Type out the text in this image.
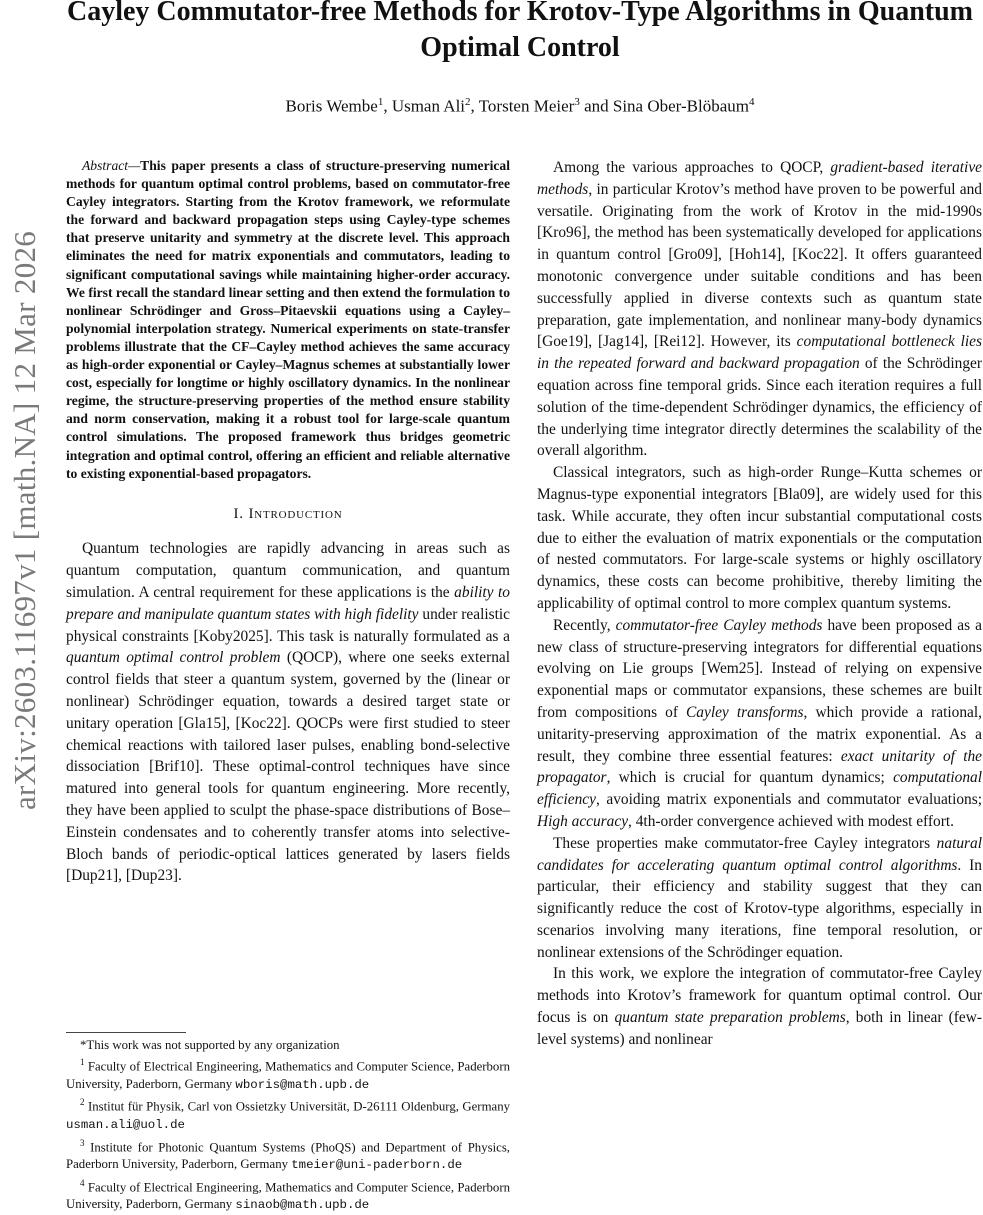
arXiv:2603.11697v1 [math.NA] 12 Mar 2026
Cayley Commutator-free Methods for Krotov-Type Algorithms in Quantum Optimal Control
Boris Wembe$^1$, Usman Ali$^2$, Torsten Meier$^3$ and Sina Ober-Blöbaum$^4$

Abstract—This paper presents a class of structure-preserving numerical methods for quantum optimal control problems, based on commutator-free Cayley integrators. Starting from the Krotov framework, we reformulate the forward and backward propagation steps using Cayley-type schemes that preserve unitarity and symmetry at the discrete level. This approach eliminates the need for matrix exponentials and commutators, leading to significant computational savings while maintaining higher-order accuracy. We first recall the standard linear setting and then extend the formulation to nonlinear Schrödinger and Gross–Pitaevskii equations using a Cayley–polynomial interpolation strategy. Numerical experiments on state-transfer problems illustrate that the CF–Cayley method achieves the same accuracy as high-order exponential or Cayley–Magnus schemes at substantially lower cost, especially for longtime or highly oscillatory dynamics. In the nonlinear regime, the structure-preserving properties of the method ensure stability and norm conservation, making it a robust tool for large-scale quantum control simulations. The proposed framework thus bridges geometric integration and optimal control, offering an efficient and reliable alternative to existing exponential-based propagators.

I. Introduction

Quantum technologies are rapidly advancing in areas such as quantum computation, quantum communication, and quantum simulation. A central requirement for these applications is the ability to prepare and manipulate quantum states with high fidelity under realistic physical constraints [Koby2025]. This task is naturally formulated as a quantum optimal control problem (QOCP), where one seeks external control fields that steer a quantum system, governed by the (linear or nonlinear) Schrödinger equation, towards a desired target state or unitary operation [Gla15], [Koc22]. QOCPs were first studied to steer chemical reactions with tailored laser pulses, enabling bond-selective dissociation [Brif10]. These optimal-control techniques have since matured into general tools for quantum engineering. More recently, they have been applied to sculpt the phase-space distributions of Bose–Einstein condensates and to coherently transfer atoms into selective-Bloch bands of periodic-optical lattices generated by lasers fields [Dup21], [Dup23].

Among the various approaches to QOCP, gradient-based iterative methods, in particular Krotov’s method have proven to be powerful and versatile. Originating from the work of Krotov in the mid-1990s [Kro96], the method has been systematically developed for applications in quantum control [Gro09], [Hoh14], [Koc22]. It offers guaranteed monotonic convergence under suitable conditions and has been successfully applied in diverse contexts such as quantum state preparation, gate implementation, and nonlinear many-body dynamics [Goe19], [Jag14], [Rei12]. However, its computational bottleneck lies in the repeated forward and backward propagation of the Schrödinger equation across fine temporal grids. Since each iteration requires a full solution of the time-dependent Schrödinger dynamics, the efficiency of the underlying time integrator directly determines the scalability of the overall algorithm.

Classical integrators, such as high-order Runge–Kutta schemes or Magnus-type exponential integrators [Bla09], are widely used for this task. While accurate, they often incur substantial computational costs due to either the evaluation of matrix exponentials or the computation of nested commutators. For large-scale systems or highly oscillatory dynamics, these costs can become prohibitive, thereby limiting the applicability of optimal control to more complex quantum systems.

Recently, commutator-free Cayley methods have been proposed as a new class of structure-preserving integrators for differential equations evolving on Lie groups [Wem25]. Instead of relying on expensive exponential maps or commutator expansions, these schemes are built from compositions of Cayley transforms, which provide a rational, unitarity-preserving approximation of the matrix exponential. As a result, they combine three essential features: exact unitarity of the propagator, which is crucial for quantum dynamics; computational efficiency, avoiding matrix exponentials and commutator evaluations; High accuracy, 4th-order convergence achieved with modest effort.

These properties make commutator-free Cayley integrators natural candidates for accelerating quantum optimal control algorithms. In particular, their efficiency and stability suggest that they can significantly reduce the cost of Krotov-type algorithms, especially in scenarios involving many iterations, fine temporal resolution, or nonlinear extensions of the Schrödinger equation.

In this work, we explore the integration of commutator-free Cayley methods into Krotov’s framework for quantum optimal control. Our focus is on quantum state preparation problems, both in linear (few-level systems) and nonlinear

*This work was not supported by any organization

$^1$ Faculty of Electrical Engineering, Mathematics and Computer Science, Paderborn University, Paderborn, Germany wboris@math.upb.de

$^2$ Institut für Physik, Carl von Ossietzky Universität, D-26111 Oldenburg, Germany usman.ali@uol.de

$^3$ Institute for Photonic Quantum Systems (PhoQS) and Department of Physics, Paderborn University, Paderborn, Germany tmeier@uni-paderborn.de

$^4$ Faculty of Electrical Engineering, Mathematics and Computer Science, Paderborn University, Paderborn, Germany sinaob@math.upb.de
